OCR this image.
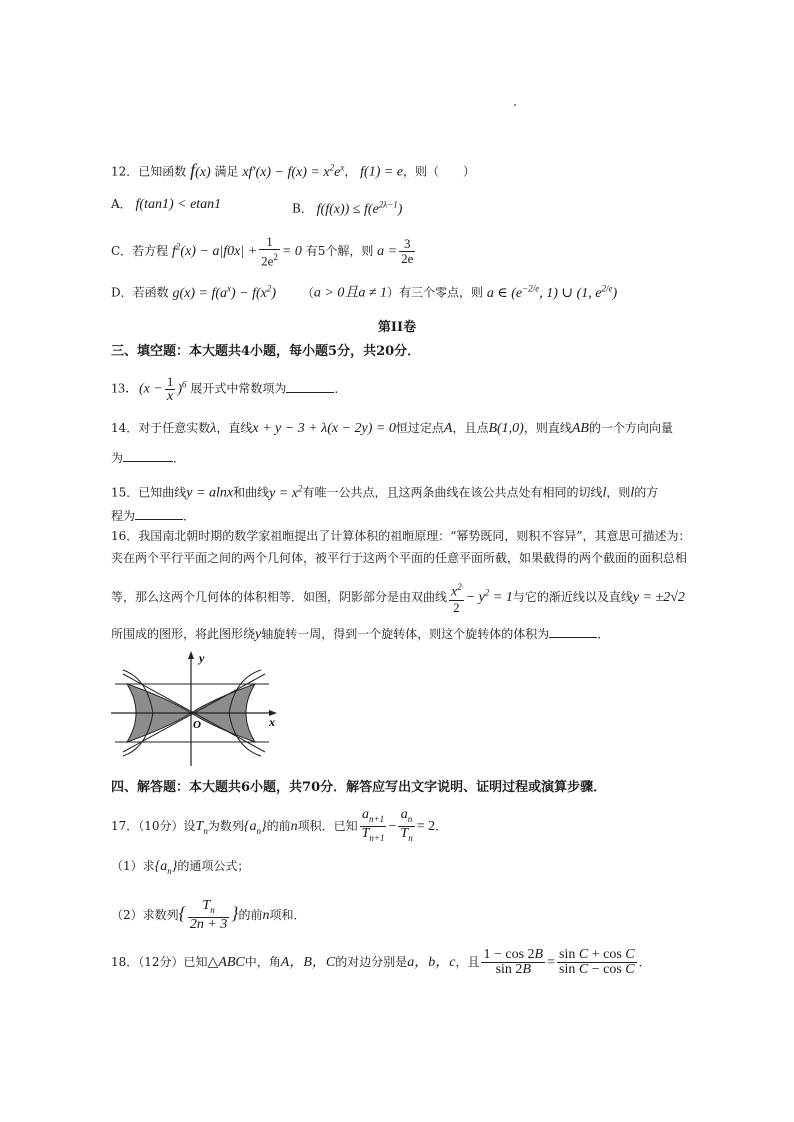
12．已知函数 f(x) 满足 $xf'(x) - f(x) = x^2e^x$， f(1) = e，则（　　）
A． f(tan1) < etan1	B． $f(f(x)) \le f(e^{2\lambda-1})$
C．若方程 $f^2(x) - a|f0x| + \frac{1}{2e^2} = 0$ 有5个解，则 $a = \frac{3}{2e}$
D．若函数 $g(x) = f(a^x) - f(x^2) (a > 0$且a ≠ 1）有三个零点，则 a ∈ ($e^{-2/e}$, 1) ∪ (1, $e^{2/e}$)
第II卷
三、填空题：本大题共4小题，每小题5分，共20分．
13．$(x - \frac{1}{x} )^6$ 展开式中常数项为	．
14．对于任意实数λ，直线x + y − 3 + λ(x − 2y) = 0恒过定点A，且点B(1,0)，则直线AB的一个方向向量
为	．
15．已知曲线y = alnx和曲线$y = x^2$有唯一公共点，且这两条曲线在该公共点处有相同的切线l，则l的方
程为	．
16．我国南北朝时期的数学家祖暅提出了计算体积的祖暅原理：“幂势既同，则积不容异”，其意思可描述为：
夹在两个平行平面之间的两个几何体，被平行于这两个平面的任意平面所截，如果截得的两个截面的面积总相
等，那么这两个几何体的体积相等．如图，阴影部分是由双曲线 $\frac{x^2}{2} - y^2 = 1$与它的渐近线以及直线y = ±2√2
所围成的图形，将此图形绕y轴旋转一周，得到一个旋转体，则这个旋转体的体积为	．
y
x
O
四、解答题：本大题共6小题，共70分．解答应写出文字说明、证明过程或演算步骤．
17．（10分）设$T_n$为数列$\{a_n\}$的前n项积．已知 $\frac{a_{n+1}}{T_{n+1}} - \frac{a_n}{T_n} = 2$．
（1）求$\{a_n\}$的通项公式；
（2）求数列{ $\frac{T_n}{2n + 3}$ }的前n项和．
18．（12分）已知△ABC中，角A，B，C的对边分别是a，b，c，且 $\frac{1 - \cos 2B}{\sin 2B} = \frac{\text{sin C + cos C}}{\text{sin C − cos C}}$ ．
